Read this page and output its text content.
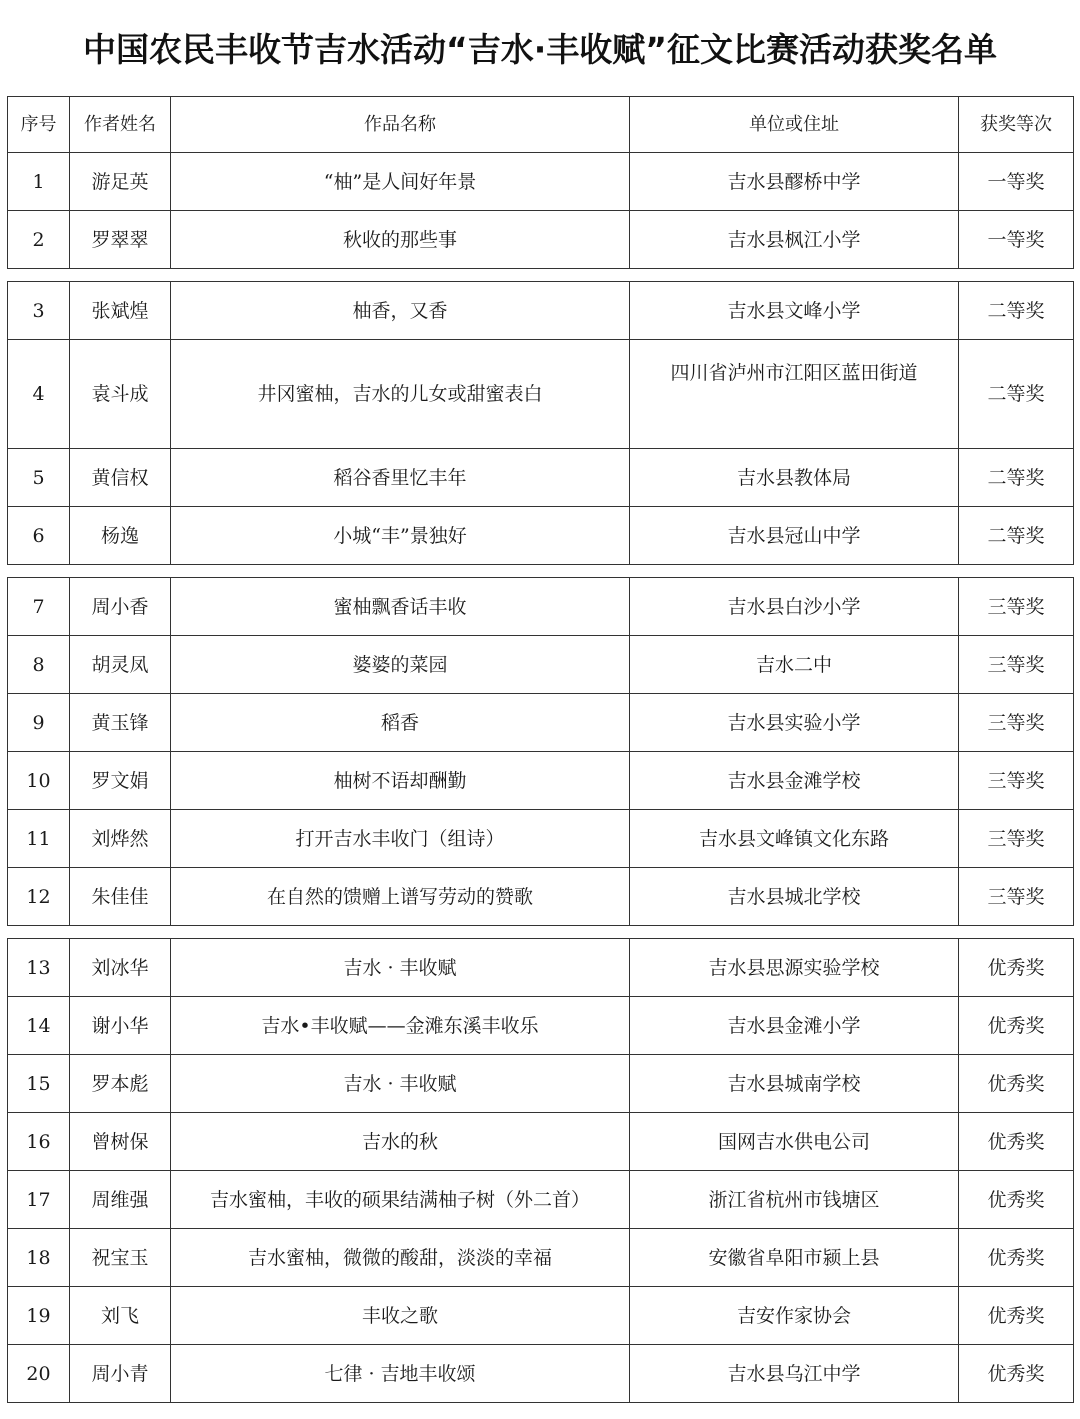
中国农民丰收节吉水活动“吉水·丰收赋”征文比赛活动获奖名单
序号	作者姓名	作品名称	单位或住址	获奖等次
1	游足英	“柚”是人间好年景	吉水县醪桥中学	一等奖
2	罗翠翠	秋收的那些事	吉水县枫江小学	一等奖

3	张斌煌	柚香，又香	吉水县文峰小学	二等奖
4	袁斗成	井冈蜜柚，吉水的儿女或甜蜜表白	四川省泸州市江阳区蓝田街道	二等奖
5	黄信权	稻谷香里忆丰年	吉水县教体局	二等奖
6	杨逸	小城“丰”景独好	吉水县冠山中学	二等奖

7	周小香	蜜柚飘香话丰收	吉水县白沙小学	三等奖
8	胡灵凤	婆婆的菜园	吉水二中	三等奖
9	黄玉锋	稻香	吉水县实验小学	三等奖
10	罗文娟	柚树不语却酬勤	吉水县金滩学校	三等奖
11	刘烨然	打开吉水丰收门（组诗）	吉水县文峰镇文化东路	三等奖
12	朱佳佳	在自然的馈赠上谱写劳动的赞歌	吉水县城北学校	三等奖

13	刘冰华	吉水 · 丰收赋	吉水县思源实验学校	优秀奖
14	谢小华	吉水•丰收赋——金滩东溪丰收乐	吉水县金滩小学	优秀奖
15	罗本彪	吉水 · 丰收赋	吉水县城南学校	优秀奖
16	曾树保	吉水的秋	国网吉水供电公司	优秀奖
17	周维强	吉水蜜柚，丰收的硕果结满柚子树（外二首）	浙江省杭州市钱塘区	优秀奖
18	祝宝玉	吉水蜜柚，微微的酸甜，淡淡的幸福	安徽省阜阳市颍上县	优秀奖
19	刘飞	丰收之歌	吉安作家协会	优秀奖
20	周小青	七律 · 吉地丰收颂	吉水县乌江中学	优秀奖
